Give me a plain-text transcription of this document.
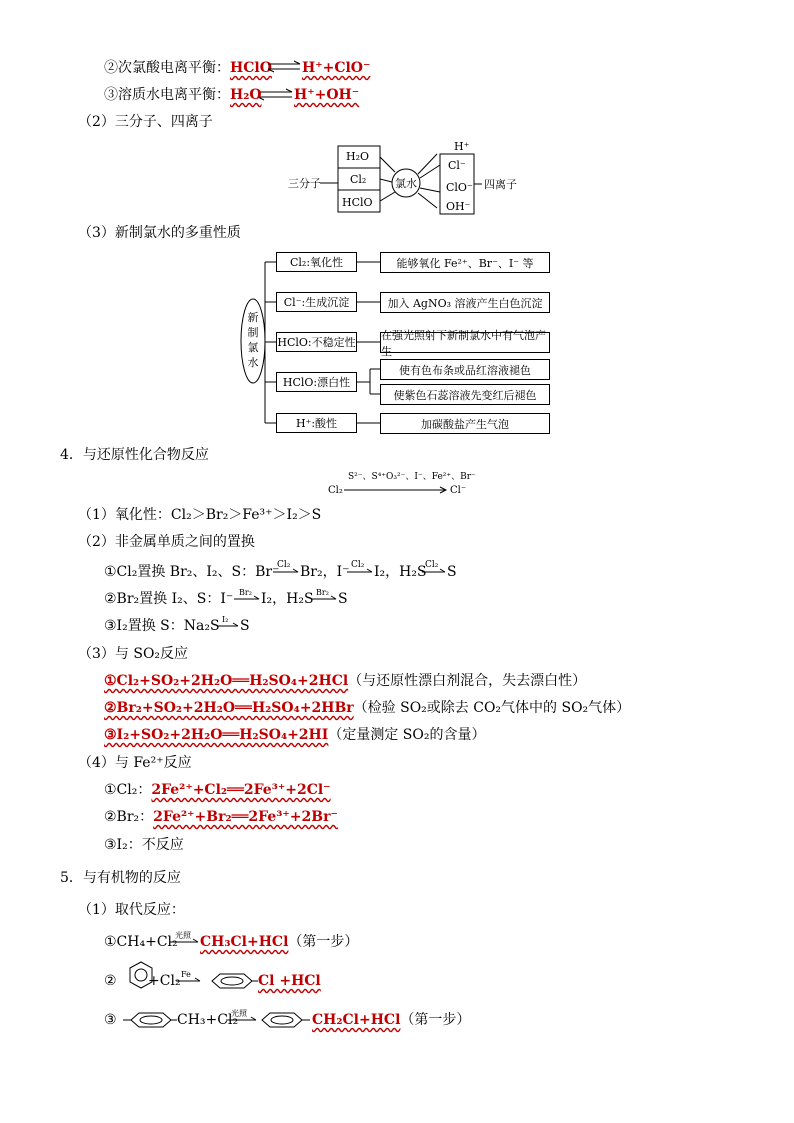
②次氯酸电离平衡：HClO H⁺+ClO⁻
③溶质水电离平衡：H₂O H⁺+OH⁻
（2）三分子、四离子
三分子
H₂O
Cl₂
HClO
氯水
H⁺
Cl⁻
ClO⁻
OH⁻
四离子
（3）新制氯水的多重性质
新制氯水
Cl₂:氧化性	能够氧化 Fe²⁺、Br⁻、I⁻ 等
Cl⁻:生成沉淀	加入 AgNO₃ 溶液产生白色沉淀
HClO:不稳定性
在强光照射下新制氯水中有气泡产生
HClO:漂白性
使有色布条或品红溶液褪色
使紫色石蕊溶液先变红后褪色
H⁺:酸性	加碳酸盐产生气泡
4．与还原性化合物反应
Cl₂
S²⁻、S⁴⁺O₃²⁻、I⁻、Fe²⁺、Br⁻
Cl⁻
（1）氧化性：Cl₂＞Br₂＞Fe³⁺＞I₂＞S
（2）非金属单质之间的置换
①Cl₂置换 Br₂、I₂、S：Br⁻
Cl₂ Br₂，I⁻ Cl₂ I₂，H₂S
Cl₂ S
②Br₂置换 I₂、S：I⁻ Br₂ I₂，H₂S Br₂ S
③I₂置换 S：Na₂S I₂ S
（3）与 SO₂反应
①Cl₂+SO₂+2H₂O══H₂SO₄+2HCl（与还原性漂白剂混合，失去漂白性）
②Br₂+SO₂+2H₂O══H₂SO₄+2HBr（检验 SO₂或除去 CO₂气体中的 SO₂气体）
③I₂+SO₂+2H₂O══H₂SO₄+2HI（定量测定 SO₂的含量）
（4）与 Fe²⁺反应
①Cl₂：2Fe²⁺+Cl₂══2Fe³⁺+2Cl⁻
②Br₂：2Fe²⁺+Br₂══2Fe³⁺+2Br⁻
③I₂：不反应
5．与有机物的反应
（1）取代反应：
①CH₄+Cl₂
光照 CH₃Cl+HCl（第一步）
② +Cl₂ Fe	Cl +HCl
③	CH₃+Cl₂
光照	CH₂Cl+HCl（第一步）
